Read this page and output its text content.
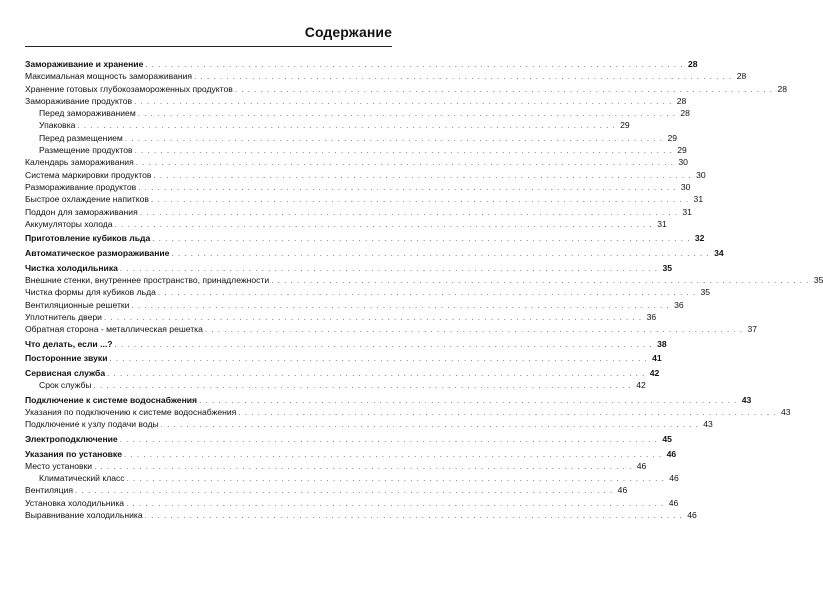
Содержание
Замораживание и хранение . . . . . . . . . . . . . . . . . . . . . . . . . . . . . . . . . . . . . . . . . . . . . . . . . . . . . . . . . . . . . . . . . . . . . . . . . . . . . . . . . . . . 28
Максимальная мощность замораживания . . . . . . . . . . . . . . . . . . . . . . . . . . . . . . . . . . . . . . . . . . . . . . . . . . . . . . . . . . . . . . . . . . . . . . . . . . . . . . . . . . . . 28
Хранение готовых глубокозамороженных продуктов . . . . . . . . . . . . . . . . . . . . . . . . . . . . . . . . . . . . . . . . . . . . . . . . . . . . . . . . . . . . . . . . . . . . . . . . . . . . . . . . . . . . 28
Замораживание продуктов . . . . . . . . . . . . . . . . . . . . . . . . . . . . . . . . . . . . . . . . . . . . . . . . . . . . . . . . . . . . . . . . . . . . . . . . . . . . . . . . . . . . 28
Перед замораживанием . . . . . . . . . . . . . . . . . . . . . . . . . . . . . . . . . . . . . . . . . . . . . . . . . . . . . . . . . . . . . . . . . . . . . . . . . . . . . . . . . . . . 28
Упаковка . . . . . . . . . . . . . . . . . . . . . . . . . . . . . . . . . . . . . . . . . . . . . . . . . . . . . . . . . . . . . . . . . . . . . . . . . . . . . . . . . . . . 29
Перед размещением . . . . . . . . . . . . . . . . . . . . . . . . . . . . . . . . . . . . . . . . . . . . . . . . . . . . . . . . . . . . . . . . . . . . . . . . . . . . . . . . . . . . 29
Размещение продуктов . . . . . . . . . . . . . . . . . . . . . . . . . . . . . . . . . . . . . . . . . . . . . . . . . . . . . . . . . . . . . . . . . . . . . . . . . . . . . . . . . . . . 29
Календарь замораживания . . . . . . . . . . . . . . . . . . . . . . . . . . . . . . . . . . . . . . . . . . . . . . . . . . . . . . . . . . . . . . . . . . . . . . . . . . . . . . . . . . . . 30
Система маркировки продуктов . . . . . . . . . . . . . . . . . . . . . . . . . . . . . . . . . . . . . . . . . . . . . . . . . . . . . . . . . . . . . . . . . . . . . . . . . . . . . . . . . . . . 30
Размораживание продуктов . . . . . . . . . . . . . . . . . . . . . . . . . . . . . . . . . . . . . . . . . . . . . . . . . . . . . . . . . . . . . . . . . . . . . . . . . . . . . . . . . . . . 30
Быстрое охлаждение напитков . . . . . . . . . . . . . . . . . . . . . . . . . . . . . . . . . . . . . . . . . . . . . . . . . . . . . . . . . . . . . . . . . . . . . . . . . . . . . . . . . . . . 31
Поддон для замораживания . . . . . . . . . . . . . . . . . . . . . . . . . . . . . . . . . . . . . . . . . . . . . . . . . . . . . . . . . . . . . . . . . . . . . . . . . . . . . . . . . . . . 31
Аккумуляторы холода . . . . . . . . . . . . . . . . . . . . . . . . . . . . . . . . . . . . . . . . . . . . . . . . . . . . . . . . . . . . . . . . . . . . . . . . . . . . . . . . . . . . 31
Приготовление кубиков льда . . . . . . . . . . . . . . . . . . . . . . . . . . . . . . . . . . . . . . . . . . . . . . . . . . . . . . . . . . . . . . . . . . . . . . . . . . . . . . . . . . . . 32
Автоматическое размораживание . . . . . . . . . . . . . . . . . . . . . . . . . . . . . . . . . . . . . . . . . . . . . . . . . . . . . . . . . . . . . . . . . . . . . . . . . . . . . . . . . . . . 34
Чистка холодильника . . . . . . . . . . . . . . . . . . . . . . . . . . . . . . . . . . . . . . . . . . . . . . . . . . . . . . . . . . . . . . . . . . . . . . . . . . . . . . . . . . . . 35
Внешние стенки, внутреннее пространство, принадлежности . . . . . . . . . . . . . . . . . . . . . . . . . . . . . . . . . . . . . . . . . . . . . . . . . . . . . . . . . . . . . . . . . . . . . . . . . . . . . . . . . . . . 35
Чистка формы для кубиков льда . . . . . . . . . . . . . . . . . . . . . . . . . . . . . . . . . . . . . . . . . . . . . . . . . . . . . . . . . . . . . . . . . . . . . . . . . . . . . . . . . . . . 35
Вентиляционные решетки . . . . . . . . . . . . . . . . . . . . . . . . . . . . . . . . . . . . . . . . . . . . . . . . . . . . . . . . . . . . . . . . . . . . . . . . . . . . . . . . . . . . 36
Уплотнитель двери . . . . . . . . . . . . . . . . . . . . . . . . . . . . . . . . . . . . . . . . . . . . . . . . . . . . . . . . . . . . . . . . . . . . . . . . . . . . . . . . . . . . 36
Обратная сторона - металлическая решетка . . . . . . . . . . . . . . . . . . . . . . . . . . . . . . . . . . . . . . . . . . . . . . . . . . . . . . . . . . . . . . . . . . . . . . . . . . . . . . . . . . . . 37
Что делать, если ...? . . . . . . . . . . . . . . . . . . . . . . . . . . . . . . . . . . . . . . . . . . . . . . . . . . . . . . . . . . . . . . . . . . . . . . . . . . . . . . . . . . . . 38
Посторонние звуки . . . . . . . . . . . . . . . . . . . . . . . . . . . . . . . . . . . . . . . . . . . . . . . . . . . . . . . . . . . . . . . . . . . . . . . . . . . . . . . . . . . . 41
Сервисная служба . . . . . . . . . . . . . . . . . . . . . . . . . . . . . . . . . . . . . . . . . . . . . . . . . . . . . . . . . . . . . . . . . . . . . . . . . . . . . . . . . . . . 42
Срок службы . . . . . . . . . . . . . . . . . . . . . . . . . . . . . . . . . . . . . . . . . . . . . . . . . . . . . . . . . . . . . . . . . . . . . . . . . . . . . . . . . . . . 42
Подключение к системе водоснабжения . . . . . . . . . . . . . . . . . . . . . . . . . . . . . . . . . . . . . . . . . . . . . . . . . . . . . . . . . . . . . . . . . . . . . . . . . . . . . . . . . . . . 43
Указания по подключению к системе водоснабжения . . . . . . . . . . . . . . . . . . . . . . . . . . . . . . . . . . . . . . . . . . . . . . . . . . . . . . . . . . . . . . . . . . . . . . . . . . . . . . . . . . . . 43
Подключение к узлу подачи воды . . . . . . . . . . . . . . . . . . . . . . . . . . . . . . . . . . . . . . . . . . . . . . . . . . . . . . . . . . . . . . . . . . . . . . . . . . . . . . . . . . . . 43
Электроподключение . . . . . . . . . . . . . . . . . . . . . . . . . . . . . . . . . . . . . . . . . . . . . . . . . . . . . . . . . . . . . . . . . . . . . . . . . . . . . . . . . . . . 45
Указания по установке . . . . . . . . . . . . . . . . . . . . . . . . . . . . . . . . . . . . . . . . . . . . . . . . . . . . . . . . . . . . . . . . . . . . . . . . . . . . . . . . . . . . 46
Место установки . . . . . . . . . . . . . . . . . . . . . . . . . . . . . . . . . . . . . . . . . . . . . . . . . . . . . . . . . . . . . . . . . . . . . . . . . . . . . . . . . . . . 46
Климатический класс . . . . . . . . . . . . . . . . . . . . . . . . . . . . . . . . . . . . . . . . . . . . . . . . . . . . . . . . . . . . . . . . . . . . . . . . . . . . . . . . . . . . 46
Вентиляция . . . . . . . . . . . . . . . . . . . . . . . . . . . . . . . . . . . . . . . . . . . . . . . . . . . . . . . . . . . . . . . . . . . . . . . . . . . . . . . . . . . . 46
Установка холодильника . . . . . . . . . . . . . . . . . . . . . . . . . . . . . . . . . . . . . . . . . . . . . . . . . . . . . . . . . . . . . . . . . . . . . . . . . . . . . . . . . . . . 46
Выравнивание холодильника . . . . . . . . . . . . . . . . . . . . . . . . . . . . . . . . . . . . . . . . . . . . . . . . . . . . . . . . . . . . . . . . . . . . . . . . . . . . . . . . . . . . 46
